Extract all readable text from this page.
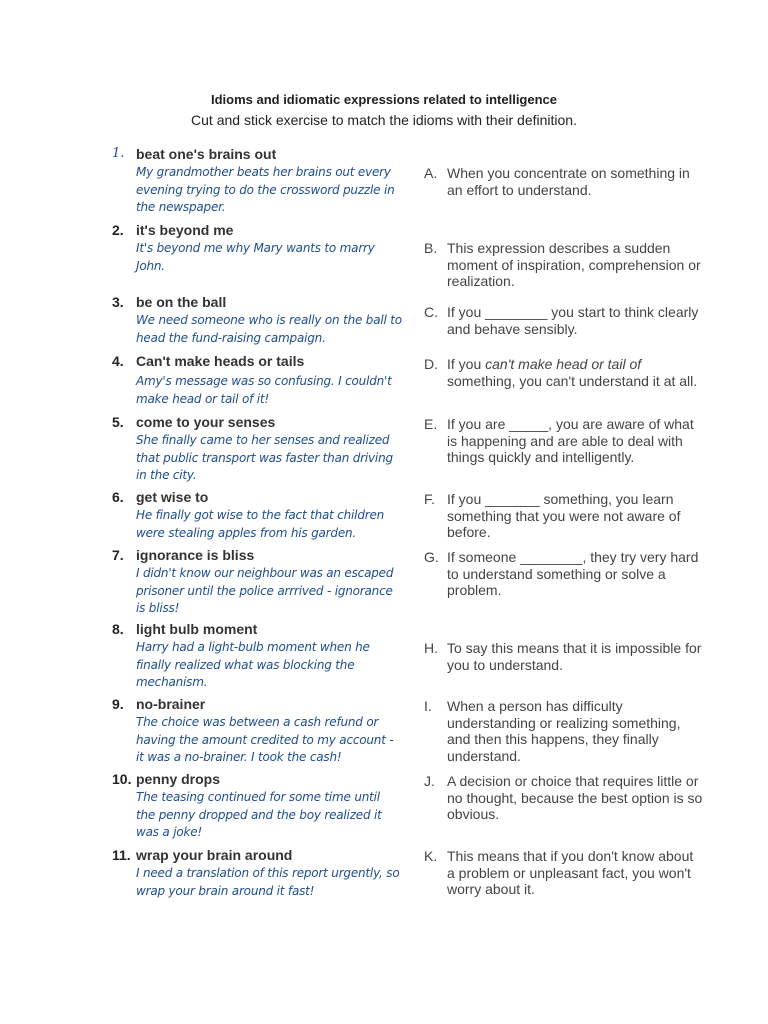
Idioms and idiomatic expressions related to intelligence
Cut and stick exercise to match the idioms with their definition.
1. beat one's brains out
My grandmother beats her brains out every evening trying to do the crossword puzzle in the newspaper.
2. it's beyond me
It's beyond me why Mary wants to marry John.
3. be on the ball
We need someone who is really on the ball to head the fund-raising campaign.
4. Can't make heads or tails
Amy's message was so confusing. I couldn't make head or tail of it!
5. come to your senses
She finally came to her senses and realized that public transport was faster than driving in the city.
6. get wise to
He finally got wise to the fact that children were stealing apples from his garden.
7. ignorance is bliss
I didn't know our neighbour was an escaped prisoner until the police arrrived - ignorance is bliss!
8. light bulb moment
Harry had a light-bulb moment when he finally realized what was blocking the mechanism.
9. no-brainer
The choice was between a cash refund or having the amount credited to my account - it was a no-brainer. I took the cash!
10. penny drops
The teasing continued for some time until the penny dropped and the boy realized it was a joke!
11. wrap your brain around
I need a translation of this report urgently, so wrap your brain around it fast!
A. When you concentrate on something in an effort to understand.
B. This expression describes a sudden moment of inspiration, comprehension or realization.
C. If you ________ you start to think clearly and behave sensibly.
D. If you can't make head or tail of something, you can't understand it at all.
E. If you are _____, you are aware of what is happening and are able to deal with things quickly and intelligently.
F. If you _______ something, you learn something that you were not aware of before.
G. If someone ________, they try very hard to understand something or solve a problem.
H. To say this means that it is impossible for you to understand.
I.	When a person has difficulty understanding or realizing something, and then this happens, they finally understand.
J. A decision or choice that requires little or no thought, because the best option is so obvious.
K. This means that if you don't know about a problem or unpleasant fact, you won't worry about it.
